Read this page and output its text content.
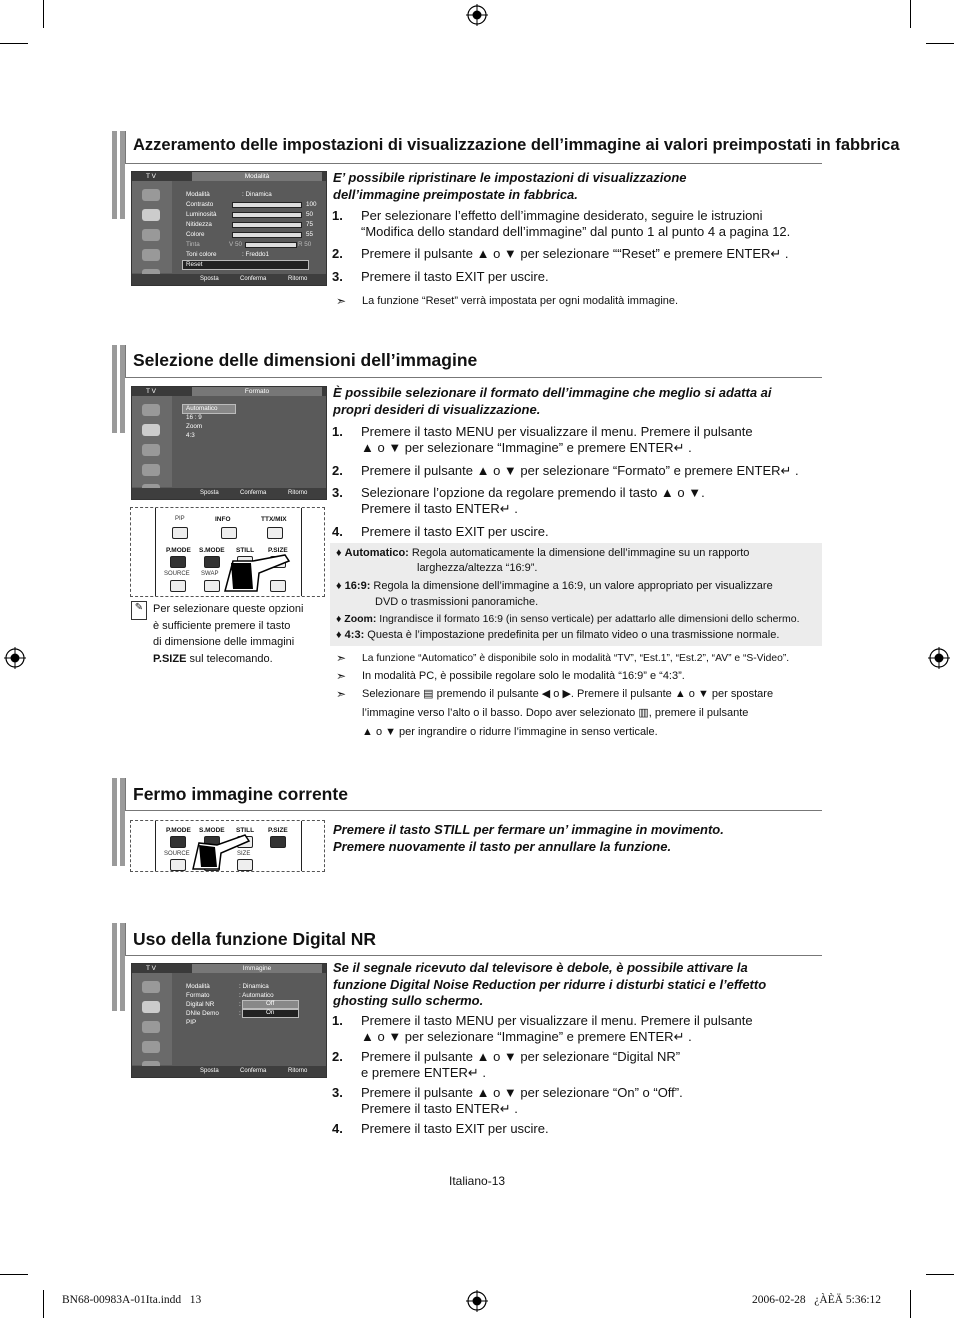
Azzeramento delle impostazioni di visualizzazione dell’immagine ai valori preimpostati in fabbrica
T V	Modalità
Modalità	: Dinamica
Contrasto	100
Luminosità	50
Nitidezza	75
Colore	55
Tinta	V 50	R 50
Toni colore	: Freddo1
Reset
Sposta	Conferma	Ritorno
E’ possibile ripristinare le impostazioni di visualizzazione
dell’immagine preimpostate in fabbrica.
1. Per selezionare l’effetto dell’immagine desiderato, seguire le istruzioni
“Modifica dello standard dell’immagine” dal punto 1 al punto 4 a pagina 12.
2. Premere il pulsante ▲ o ▼ per selezionare ““Reset” e premere ENTER↵ .
3. Premere il tasto EXIT per uscire.
➣ La funzione “Reset” verrà impostata per ogni modalità immagine.
Selezione delle dimensioni dell’immagine
T V	Formato
Automatico
16 : 9
Zoom
4:3
Sposta	Conferma	Ritorno
PIP	INFO	TTX/MIX
P.MODE S.MODE STILL P.SIZE
SOURCE SWAP
✎ Per selezionare queste opzioni
è sufficiente premere il tasto
di dimensione delle immagini
P.SIZE sul telecomando.
È possibile selezionare il formato dell’immagine che meglio si adatta ai
propri desideri di visualizzazione.
1. Premere il tasto MENU per visualizzare il menu. Premere il pulsante
▲ o ▼ per selezionare “Immagine” e premere ENTER↵ .
2. Premere il pulsante ▲ o ▼ per selezionare “Formato” e premere ENTER↵ .
3. Selezionare l’opzione da regolare premendo il tasto ▲ o ▼.
Premere il tasto ENTER↵ .
4. Premere il tasto EXIT per uscire.
♦ Automatico: Regola automaticamente la dimensione dell’immagine su un rapporto
larghezza/altezza “16:9”.
♦ 16:9: Regola la dimensione dell’immagine a 16:9, un valore appropriato per visualizzare
DVD o trasmissioni panoramiche.
♦ Zoom: Ingrandisce il formato 16:9 (in senso verticale) per adattarlo alle dimensioni dello schermo.
♦ 4:3: Questa è l’impostazione predefinita per un filmato video o una trasmissione normale.
➣ La funzione “Automatico” è disponibile solo in modalità “TV”, “Est.1”, “Est.2”, “AV” e “S-Video”.
➣ In modalità PC, è possibile regolare solo le modalità “16:9” e “4:3”.
➣ Selezionare ▤ premendo il pulsante ◀ o ▶. Premere il pulsante ▲ o ▼ per spostare
l’immagine verso l’alto o il basso. Dopo aver selezionato ▥, premere il pulsante
▲ o ▼ per ingrandire o ridurre l’immagine in senso verticale.
Fermo immagine corrente
P.MODE S.MODE STILL P.SIZE
SOURCE	SIZE
Premere il tasto STILL per fermare un’ immagine in movimento.
Premere nuovamente il tasto per annullare la funzione.
Uso della funzione Digital NR
T V	Immagine
Modalità	: Dinamica
Formato	: Automatico
Digital NR	:	Off
DNIe Demo	:	On
PIP
Sposta	Conferma	Ritorno
Se il segnale ricevuto dal televisore è debole, è possibile attivare la
funzione Digital Noise Reduction per ridurre i disturbi statici e l’effetto
ghosting sullo schermo.
1. Premere il tasto MENU per visualizzare il menu. Premere il pulsante
▲ o ▼ per selezionare “Immagine” e premere ENTER↵ .
2. Premere il pulsante ▲ o ▼ per selezionare “Digital NR”
e premere ENTER↵ .
3. Premere il pulsante ▲ o ▼ per selezionare “On” o “Off”.
Premere il tasto ENTER↵ .
4. Premere il tasto EXIT per uscire.
Italiano-13
BN68-00983A-01Ita.indd   13	2006-02-28   ¿ÀÈÄ 5:36:12
